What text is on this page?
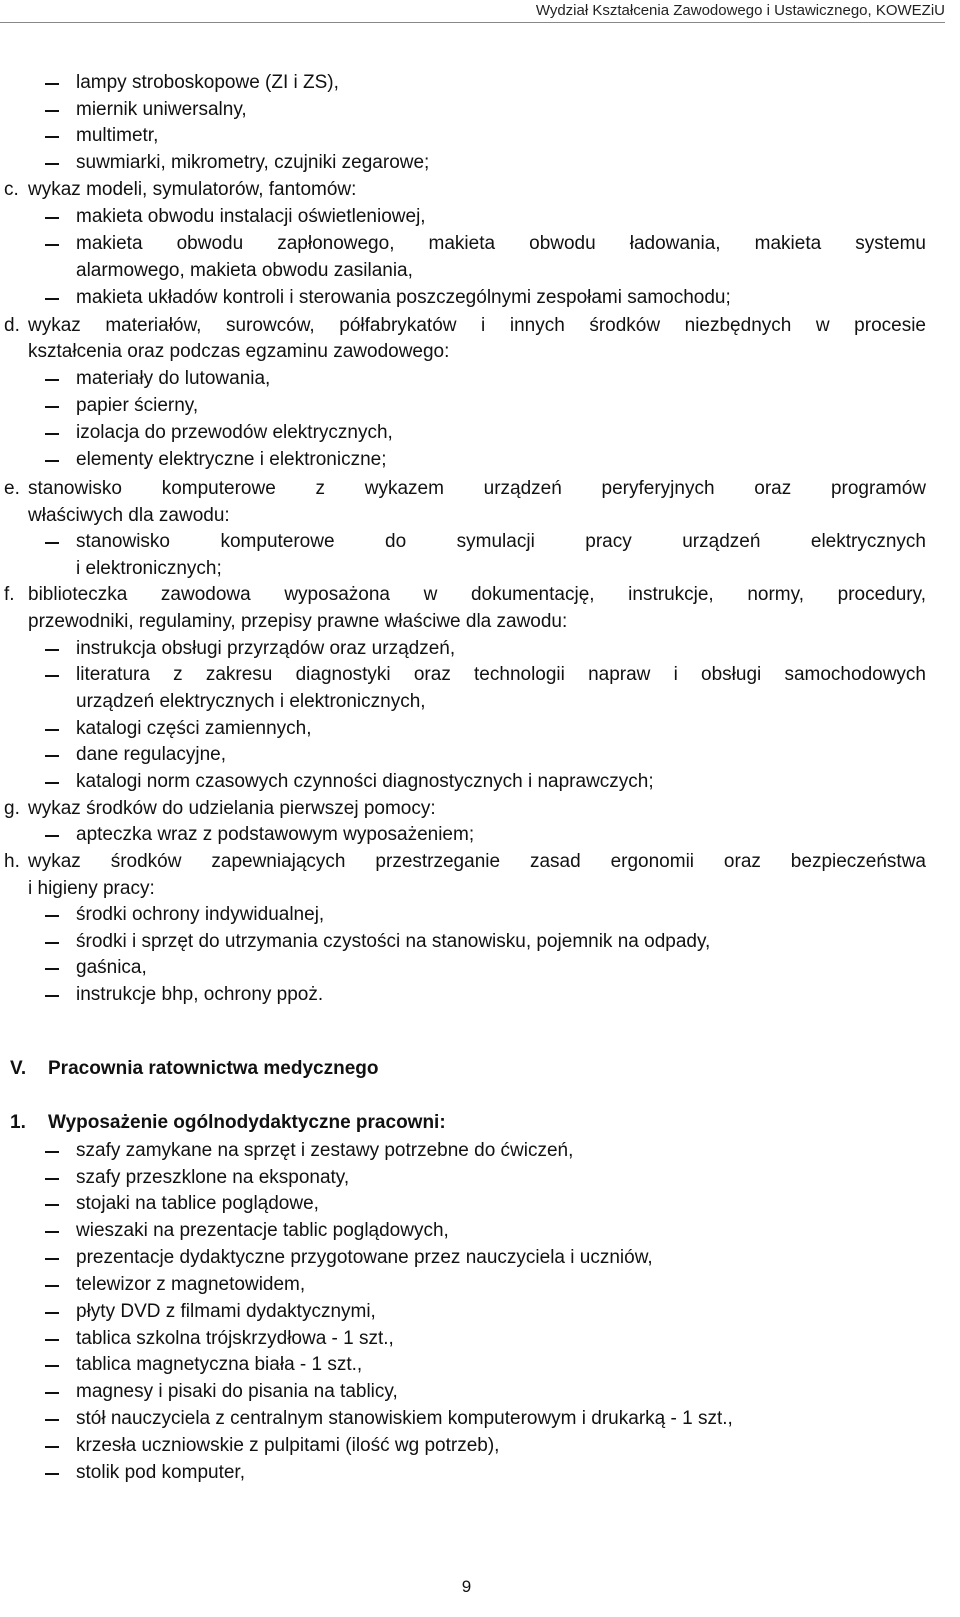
Wydział Kształcenia Zawodowego i Ustawicznego, KOWEZiU
lampy stroboskopowe (ZI i ZS),
miernik uniwersalny,
multimetr,
suwmiarki, mikrometry, czujniki zegarowe;
c. wykaz modeli, symulatorów, fantomów:
makieta obwodu instalacji oświetleniowej,
makieta obwodu zapłonowego, makieta obwodu ładowania, makieta systemu
alarmowego, makieta obwodu zasilania,
makieta układów kontroli i sterowania poszczególnymi zespołami samochodu;
d. wykaz materiałów, surowców, półfabrykatów i innych środków niezbędnych w procesie
kształcenia oraz podczas egzaminu zawodowego:
materiały do lutowania,
papier ścierny,
izolacja do przewodów elektrycznych,
elementy elektryczne i elektroniczne;
e. stanowisko komputerowe z wykazem urządzeń peryferyjnych oraz programów
właściwych dla zawodu:
stanowisko komputerowe do symulacji pracy urządzeń elektrycznych
i elektronicznych;
f. biblioteczka zawodowa wyposażona w dokumentację, instrukcje, normy, procedury,
przewodniki, regulaminy, przepisy prawne właściwe dla zawodu:
instrukcja obsługi przyrządów oraz urządzeń,
literatura z zakresu diagnostyki oraz technologii napraw i obsługi samochodowych
urządzeń elektrycznych i elektronicznych,
katalogi części zamiennych,
dane regulacyjne,
katalogi norm czasowych czynności diagnostycznych i naprawczych;
g. wykaz środków do udzielania pierwszej pomocy:
apteczka wraz z podstawowym wyposażeniem;
h. wykaz środków zapewniających przestrzeganie zasad ergonomii oraz bezpieczeństwa
i higieny pracy:
środki ochrony indywidualnej,
środki i sprzęt do utrzymania czystości na stanowisku, pojemnik na odpady,
gaśnica,
instrukcje bhp, ochrony ppoż.
V. Pracownia ratownictwa medycznego
1. Wyposażenie ogólnodydaktyczne pracowni:
szafy zamykane na sprzęt i zestawy potrzebne do ćwiczeń,
szafy przeszklone na eksponaty,
stojaki na tablice poglądowe,
wieszaki na prezentacje tablic poglądowych,
prezentacje dydaktyczne przygotowane przez nauczyciela i uczniów,
telewizor z magnetowidem,
płyty DVD z filmami dydaktycznymi,
tablica szkolna trójskrzydłowa - 1 szt.,
tablica magnetyczna biała - 1 szt.,
magnesy i pisaki do pisania na tablicy,
stół nauczyciela z centralnym stanowiskiem komputerowym i drukarką - 1 szt.,
krzesła uczniowskie z pulpitami (ilość wg potrzeb),
stolik pod komputer,
9
